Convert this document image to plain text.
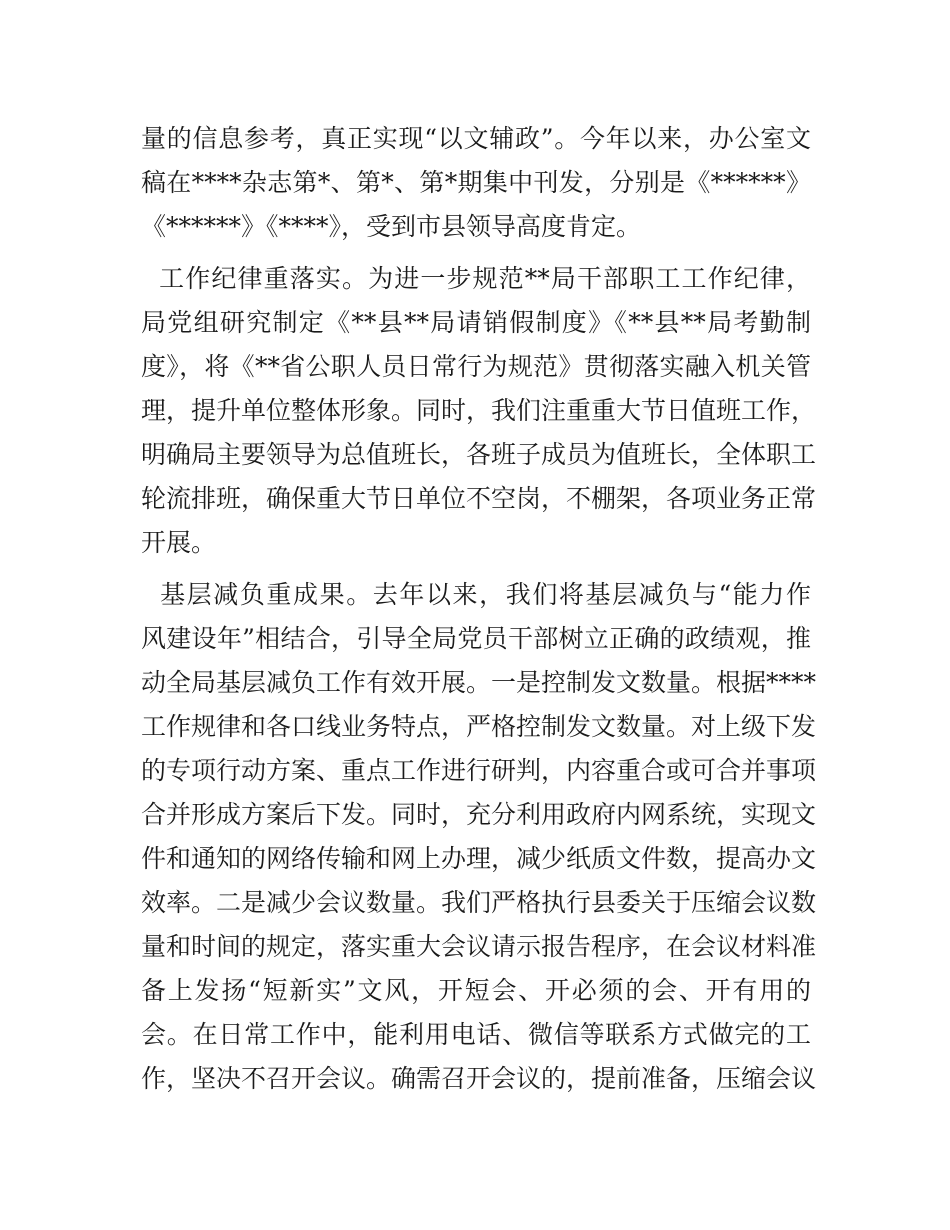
量的信息参考，真正实现“以文辅政”。今年以来，办公室文
稿在****杂志第*、第*、第*期集中刊发，分别是《******》
《******》《****》，受到市县领导高度肯定。
工作纪律重落实。为进一步规范**局干部职工工作纪律，
局党组研究制定《**县**局请销假制度》《**县**局考勤制
度》，将《**省公职人员日常行为规范》贯彻落实融入机关管
理，提升单位整体形象。同时，我们注重重大节日值班工作，
明确局主要领导为总值班长，各班子成员为值班长，全体职工
轮流排班，确保重大节日单位不空岗，不棚架，各项业务正常
开展。
基层减负重成果。去年以来，我们将基层减负与“能力作
风建设年”相结合，引导全局党员干部树立正确的政绩观，推
动全局基层减负工作有效开展。一是控制发文数量。根据****
工作规律和各口线业务特点，严格控制发文数量。对上级下发
的专项行动方案、重点工作进行研判，内容重合或可合并事项
合并形成方案后下发。同时，充分利用政府内网系统，实现文
件和通知的网络传输和网上办理，减少纸质文件数，提高办文
效率。二是减少会议数量。我们严格执行县委关于压缩会议数
量和时间的规定，落实重大会议请示报告程序，在会议材料准
备上发扬“短新实”文风，开短会、开必须的会、开有用的
会。在日常工作中，能利用电话、微信等联系方式做完的工
作，坚决不召开会议。确需召开会议的，提前准备，压缩会议
